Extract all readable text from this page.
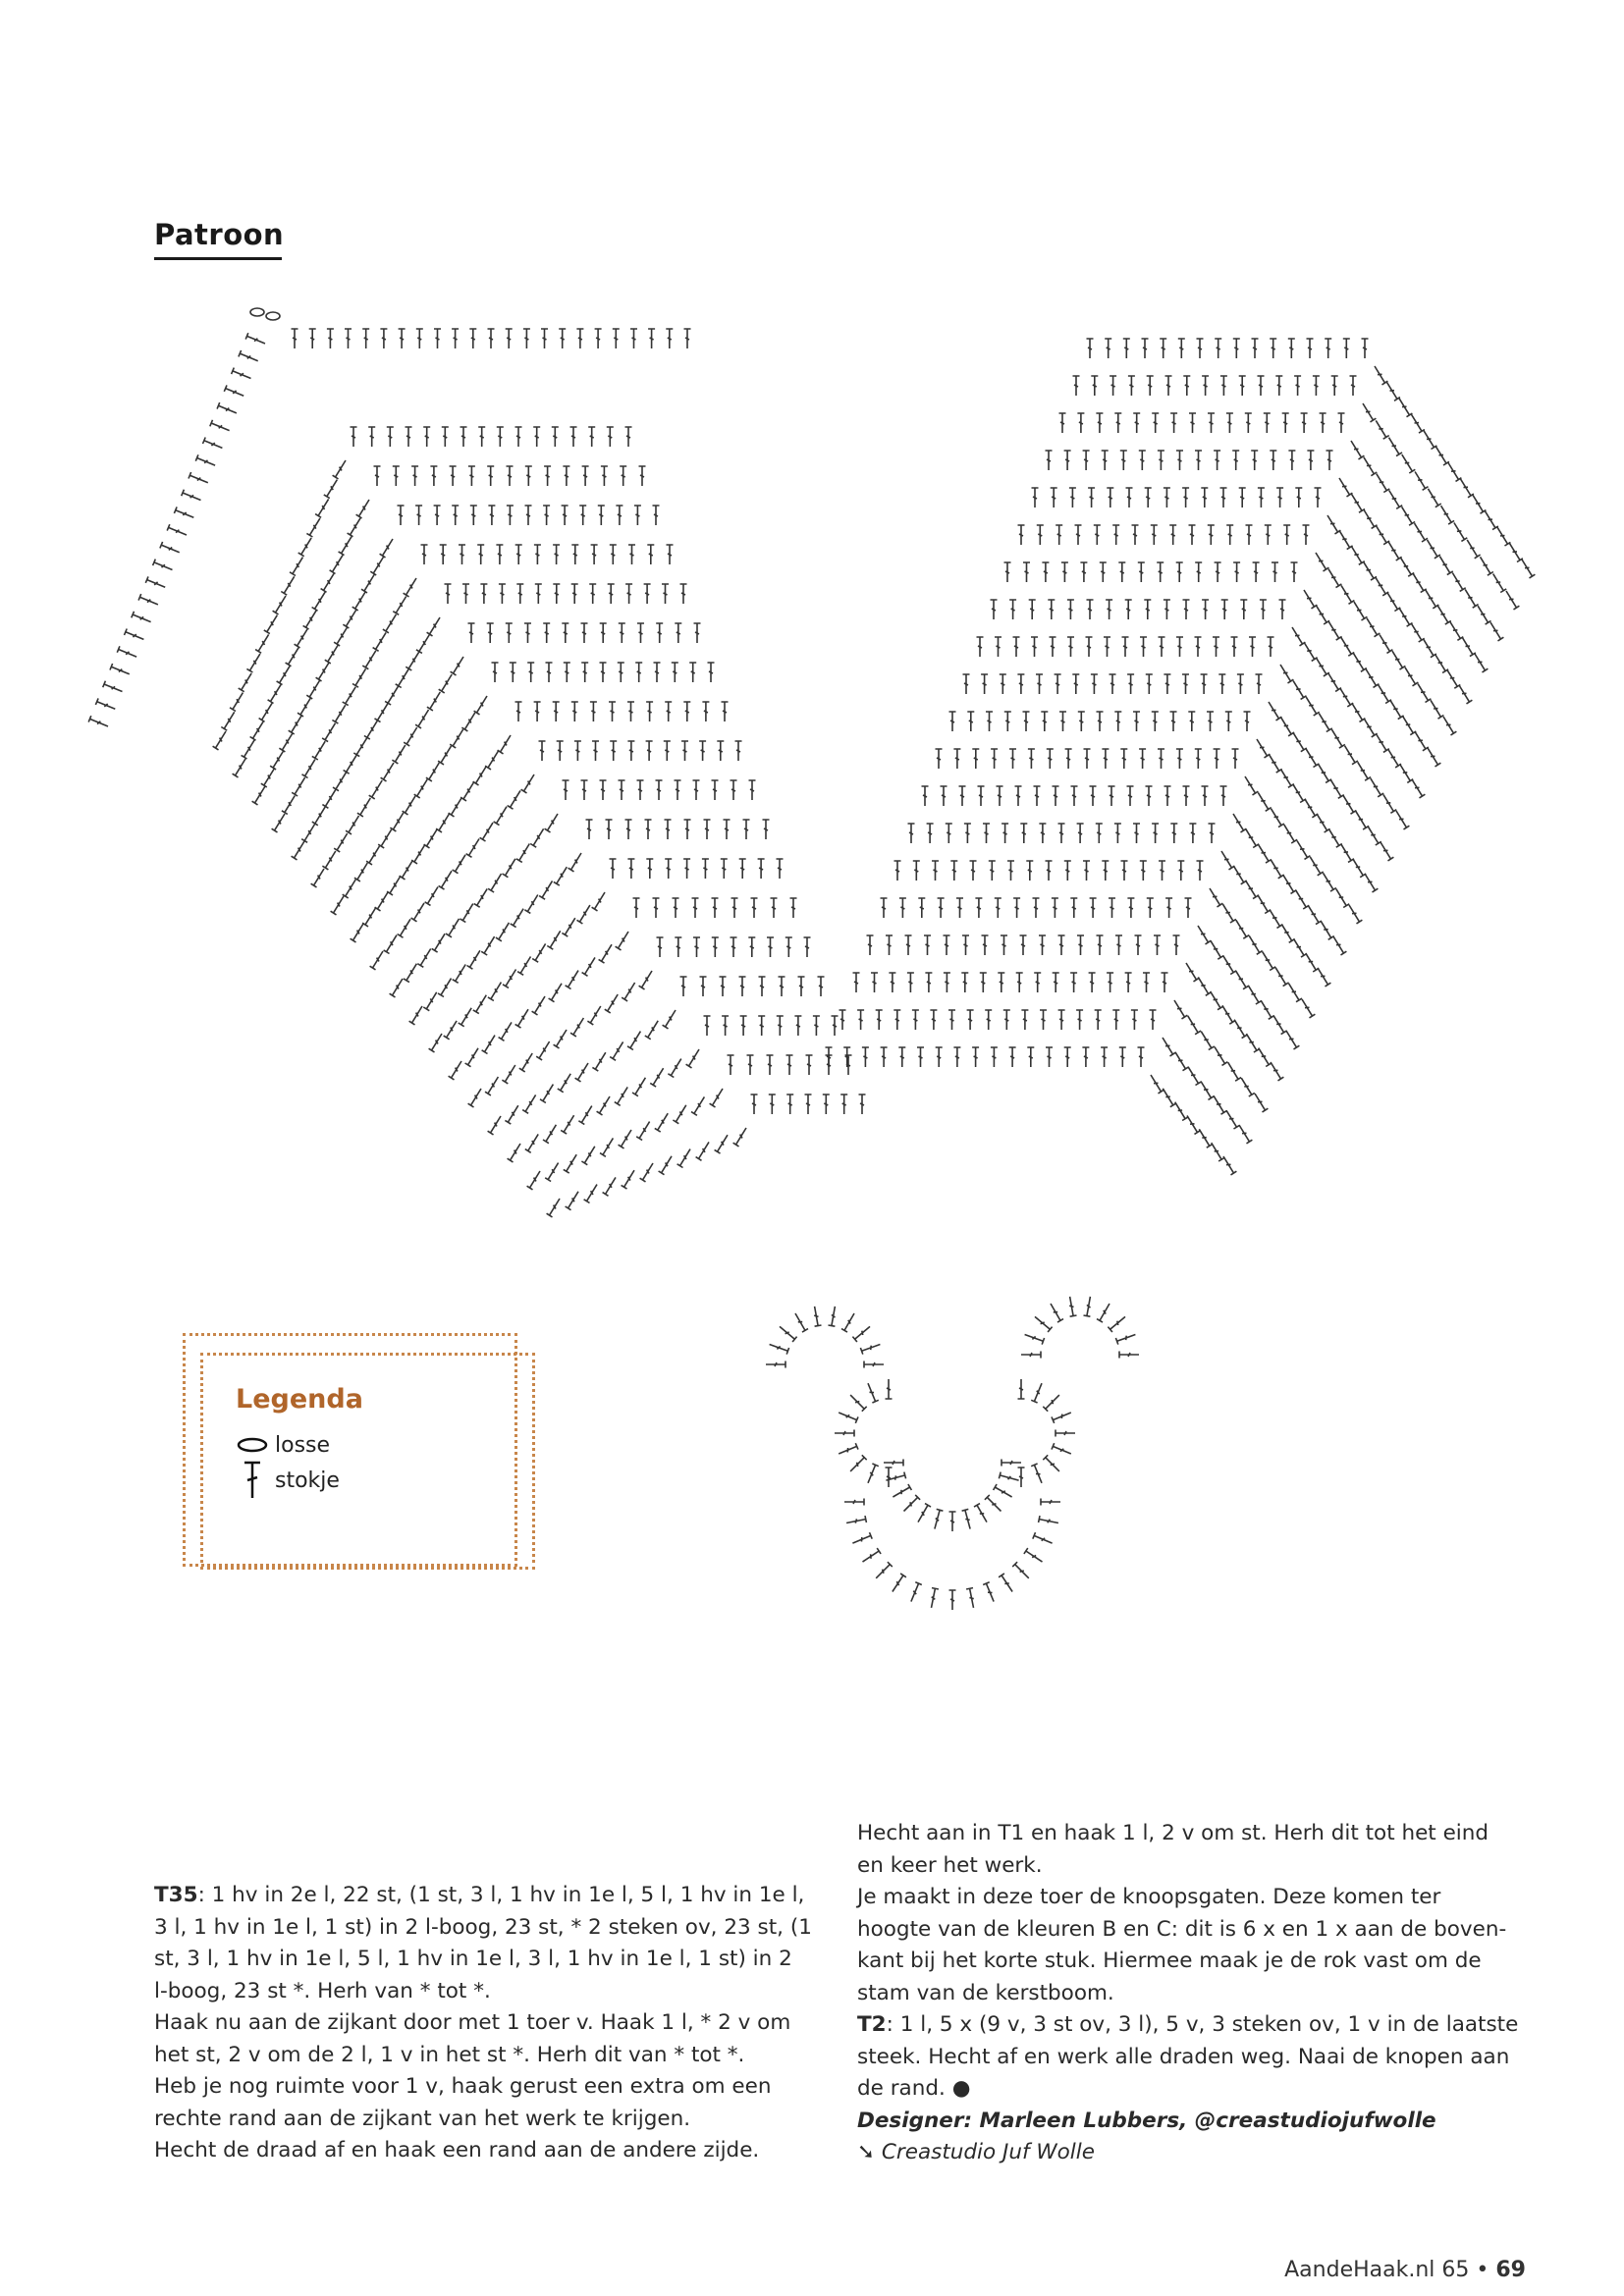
Patroon
Legenda
losse
stokje

T35: 1 hv in 2e l, 22 st, (1 st, 3 l, 1 hv in 1e l, 5 l, 1 hv in 1e l, 3 l, 1 hv in 1e l, 1 st) in 2 l-boog, 23 st, * 2 steken ov, 23 st, (1 st, 3 l, 1 hv in 1e l, 5 l, 1 hv in 1e l, 3 l, 1 hv in 1e l, 1 st) in 2 l-boog, 23 st *. Herh van * tot *.

Haak nu aan de zijkant door met 1 toer v. Haak 1 l, * 2 v om het st, 2 v om de 2 l, 1 v in het st *. Herh dit van * tot *.

Heb je nog ruimte voor 1 v, haak gerust een extra om een rechte rand aan de zijkant van het werk te krijgen.

Hecht de draad af en haak een rand aan de andere zijde.

Hecht aan in T1 en haak 1 l, 2 v om st. Herh dit tot het eind en keer het werk.

Je maakt in deze toer de knoopsgaten. Deze komen ter hoogte van de kleuren B en C: dit is 6 x en 1 x aan de boven-kant bij het korte stuk. Hiermee maak je de rok vast om de stam van de kerstboom.

T2: 1 l, 5 x (9 v, 3 st ov, 3 l), 5 v, 3 steken ov, 1 v in de laatste steek. Hecht af en werk alle draden weg. Naai de knopen aan de rand. ●

Designer: Marleen Lubbers, @creastudiojufwolle

➘ Creastudio Juf Wolle

AandeHaak.nl 65 • 69
